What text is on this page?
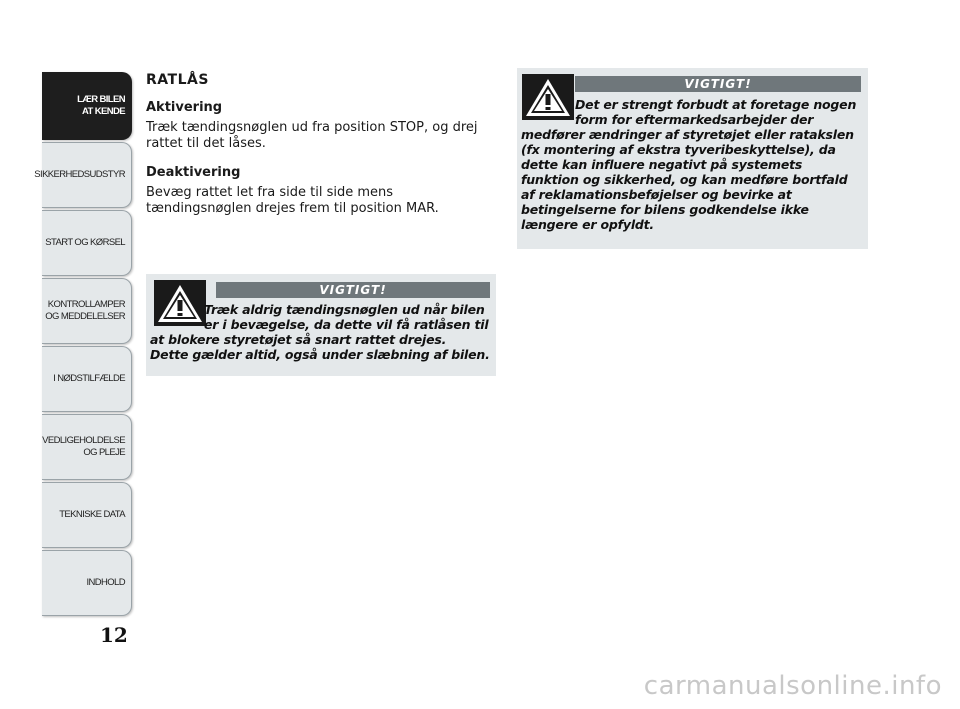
LÆR BILEN
AT KENDE
SIKKERHEDSUDSTYR
START OG KØRSEL
KONTROLLAMPER
OG MEDDELELSER
I NØDSTILFÆLDE
VEDLIGEHOLDELSE
OG PLEJE
TEKNISKE DATA
INDHOLD
12
RATLÅS
Aktivering
Træk tændingsnøglen ud fra position STOP, og drej rattet til det låses.
Deaktivering
Bevæg rattet let fra side til side mens tændingsnøglen drejes frem til position MAR.
VIGTIGT!
Træk aldrig tændingsnøglen ud når bilen
er i bevægelse, da dette vil få ratlåsen til
at blokere styretøjet så snart rattet drejes.
Dette gælder altid, også under slæbning af bilen.
VIGTIGT!
Det er strengt forbudt at foretage nogen
form for eftermarkedsarbejder der
medfører ændringer af styretøjet eller ratakslen
(fx montering af ekstra tyveribeskyttelse), da
dette kan influere negativt på systemets
funktion og sikkerhed, og kan medføre bortfald
af reklamationsbeføjelser og bevirke at
betingelserne for bilens godkendelse ikke
længere er opfyldt.
carmanualsonline.info
